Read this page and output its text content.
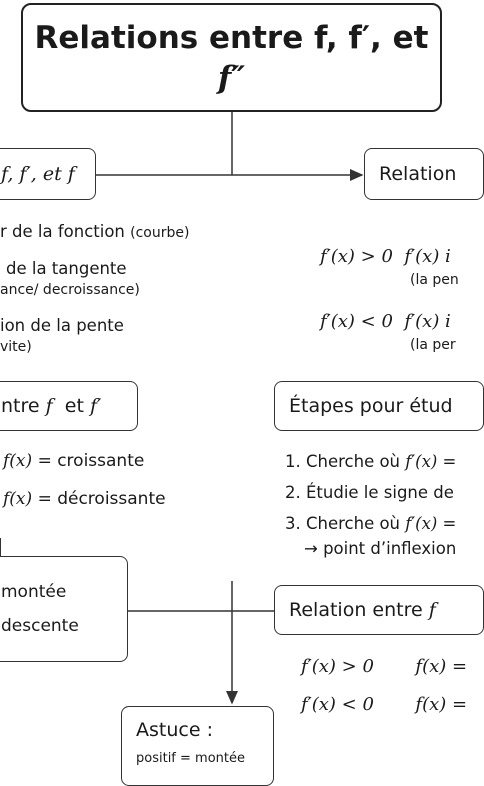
Relations entre f, f′, et
f″
f, f′, et f	Relation
r de la fonction (courbe)
de la tangente
ance/ decroissance)
ion de la pente
vite)
f′(x) > 0 f′(x) i
(la pen
f′(x) < 0 f′(x) i
(la per
ntre
f
et
f′	Étapes pour étud
f(x) = croissante
f(x) = décroissante
1. Cherche où f′(x) =
2. Étudie le signe de
3. Cherche où f′(x) =
→ point d’inflexion
montée
descente
Relation entre
f
f′(x) > 0 f(x) =
f′(x) < 0 f(x) =
Astuce :
positif = montée
